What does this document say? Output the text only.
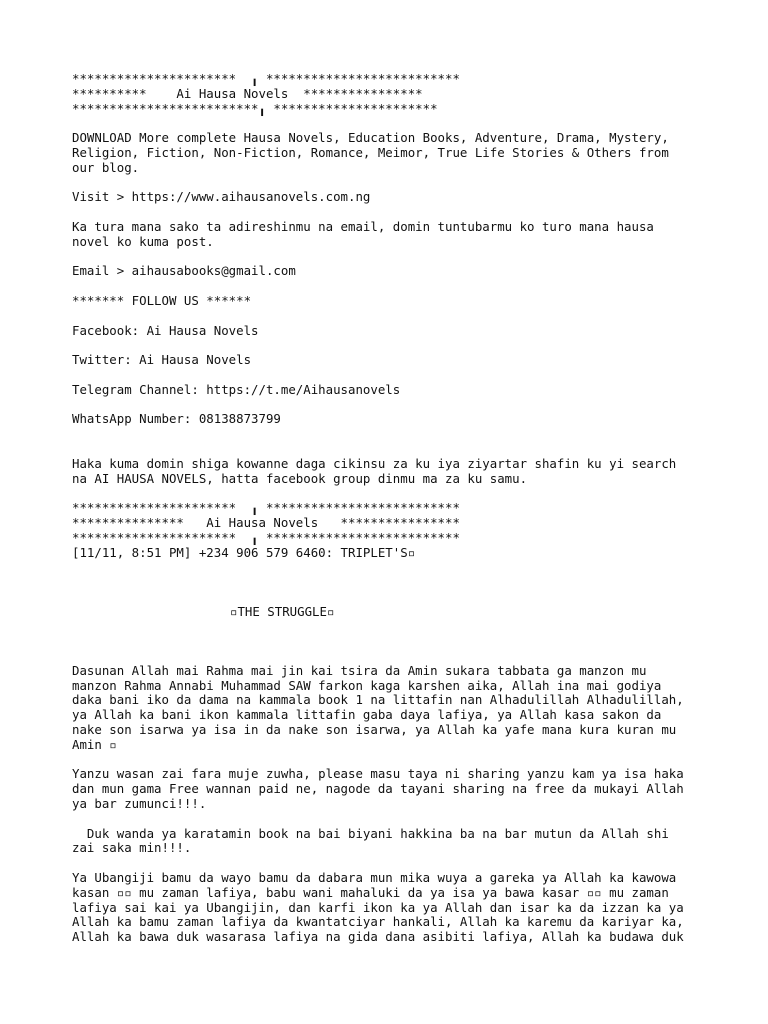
**********************  ╻ **************************
**********    Ai Hausa Novels  ****************
*************************╻ **********************
DOWNLOAD More complete Hausa Novels, Education Books, Adventure, Drama, Mystery,
Religion, Fiction, Non-Fiction, Romance, Meimor, True Life Stories & Others from
our blog.
Visit > https://www.aihausanovels.com.ng
Ka tura mana sako ta adireshinmu na email, domin tuntubarmu ko turo mana hausa
novel ko kuma post.
Email > aihausabooks@gmail.com
******* FOLLOW US ******
Facebook: Ai Hausa Novels
Twitter: Ai Hausa Novels
Telegram Channel: https://t.me/Aihausanovels
WhatsApp Number: 08138873799
Haka kuma domin shiga kowanne daga cikinsu za ku iya ziyartar shafin ku yi search
na AI HAUSA NOVELS, hatta facebook group dinmu ma za ku samu.
**********************  ╻ **************************
***************   Ai Hausa Novels   ****************
**********************  ╻ **************************
[11/11, 8:51 PM] +234 906 579 6460: TRIPLET'S▫
▫THE STRUGGLE▫
Dasunan Allah mai Rahma mai jin kai tsira da Amin sukara tabbata ga manzon mu
manzon Rahma Annabi Muhammad SAW farkon kaga karshen aika, Allah ina mai godiya
daka bani iko da dama na kammala book 1 na littafin nan Alhadulillah Alhadulillah,
ya Allah ka bani ikon kammala littafin gaba daya lafiya, ya Allah kasa sakon da
nake son isarwa ya isa in da nake son isarwa, ya Allah ka yafe mana kura kuran mu
Amin ▫
Yanzu wasan zai fara muje zuwha, please masu taya ni sharing yanzu kam ya isa haka
dan mun gama Free wannan paid ne, nagode da tayani sharing na free da mukayi Allah
ya bar zumunci!!!.
Duk wanda ya karatamin book na bai biyani hakkina ba na bar mutun da Allah shi
zai saka min!!!.
Ya Ubangiji bamu da wayo bamu da dabara mun mika wuya a gareka ya Allah ka kawowa
kasan ▫▫ mu zaman lafiya, babu wani mahaluki da ya isa ya bawa kasar ▫▫ mu zaman
lafiya sai kai ya Ubangijin, dan karfi ikon ka ya Allah dan isar ka da izzan ka ya
Allah ka bamu zaman lafiya da kwantatciyar hankali, Allah ka karemu da kariyar ka,
Allah ka bawa duk wasarasa lafiya na gida dana asibiti lafiya, Allah ka budawa duk
